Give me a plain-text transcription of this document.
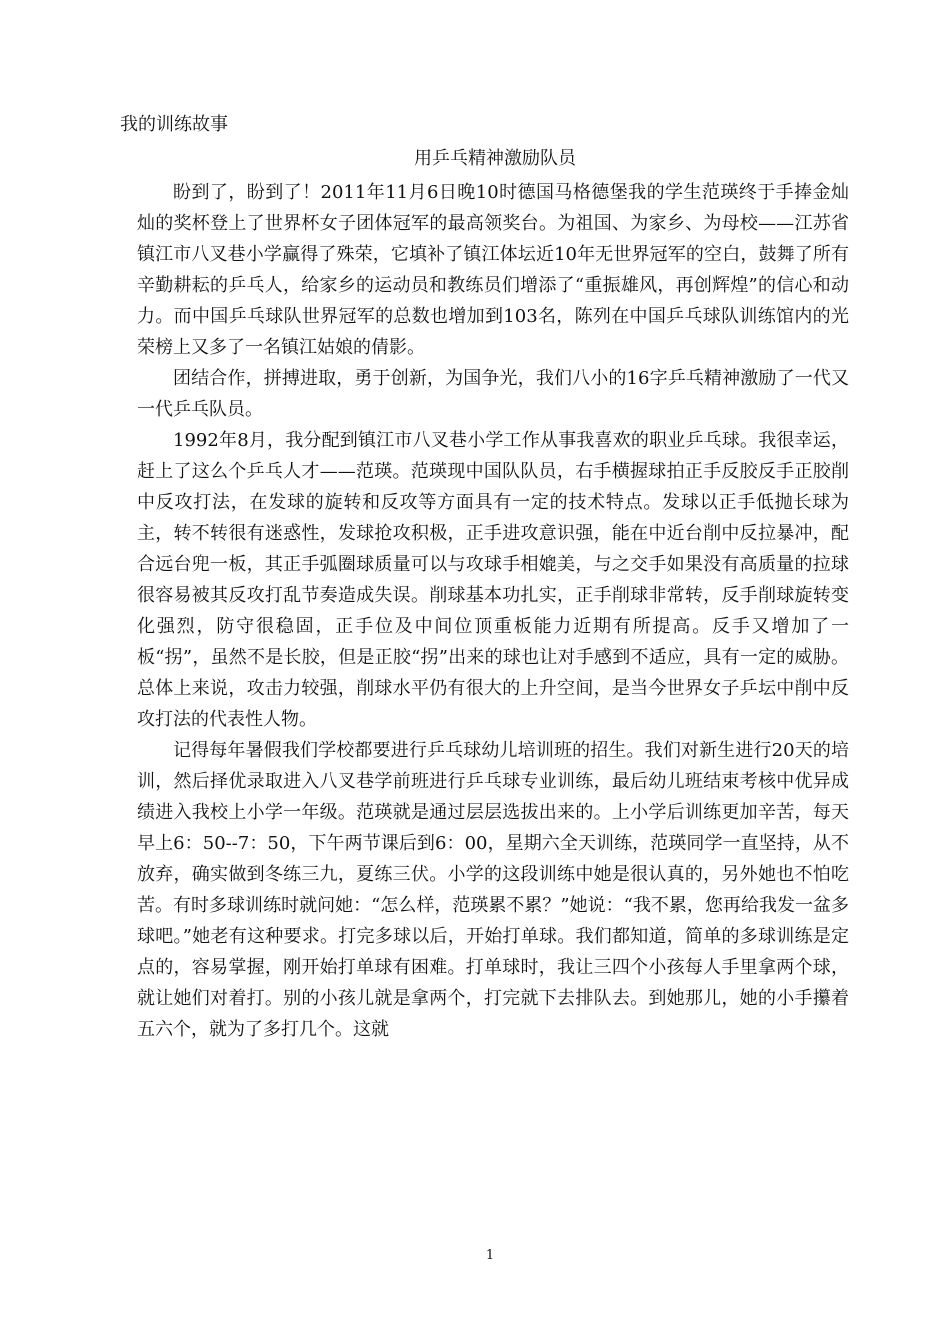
我的训练故事
用乒乓精神激励队员

盼到了，盼到了！2011年11月6日晚10时德国马格德堡我的学生范瑛终于手捧金灿灿的奖杯登上了世界杯女子团体冠军的最高领奖台。为祖国、为家乡、为母校——江苏省镇江市八叉巷小学赢得了殊荣，它填补了镇江体坛近10年无世界冠军的空白，鼓舞了所有辛勤耕耘的乒乓人，给家乡的运动员和教练员们增添了“重振雄风，再创辉煌”的信心和动力。而中国乒乓球队世界冠军的总数也增加到103名，陈列在中国乒乓球队训练馆内的光荣榜上又多了一名镇江姑娘的倩影。

团结合作，拼搏进取，勇于创新，为国争光，我们八小的16字乒乓精神激励了一代又一代乒乓队员。

1992年8月，我分配到镇江市八叉巷小学工作从事我喜欢的职业乒乓球。我很幸运，赶上了这么个乒乓人才——范瑛。范瑛现中国队队员，右手横握球拍正手反胶反手正胶削中反攻打法，在发球的旋转和反攻等方面具有一定的技术特点。发球以正手低抛长球为主，转不转很有迷惑性，发球抢攻积极，正手进攻意识强，能在中近台削中反拉暴冲，配合远台兜一板，其正手弧圈球质量可以与攻球手相媲美，与之交手如果没有高质量的拉球很容易被其反攻打乱节奏造成失误。削球基本功扎实，正手削球非常转，反手削球旋转变化强烈，防守很稳固，正手位及中间位顶重板能力近期有所提高。反手又增加了一板“拐”，虽然不是长胶，但是正胶“拐”出来的球也让对手感到不适应，具有一定的威胁。总体上来说，攻击力较强，削球水平仍有很大的上升空间，是当今世界女子乒坛中削中反攻打法的代表性人物。

记得每年暑假我们学校都要进行乒乓球幼儿培训班的招生。我们对新生进行20天的培训，然后择优录取进入八叉巷学前班进行乒乓球专业训练，最后幼儿班结束考核中优异成绩进入我校上小学一年级。范瑛就是通过层层选拔出来的。上小学后训练更加辛苦，每天早上6：50--7：50，下午两节课后到6：00，星期六全天训练，范瑛同学一直坚持，从不放弃，确实做到冬练三九，夏练三伏。小学的这段训练中她是很认真的，另外她也不怕吃苦。有时多球训练时就问她：“怎么样，范瑛累不累？”她说：“我不累，您再给我发一盆多球吧。”她老有这种要求。打完多球以后，开始打单球。我们都知道，简单的多球训练是定点的，容易掌握，刚开始打单球有困难。打单球时，我让三四个小孩每人手里拿两个球，就让她们对着打。别的小孩儿就是拿两个，打完就下去排队去。到她那儿，她的小手攥着五六个，就为了多打几个。这就

1
